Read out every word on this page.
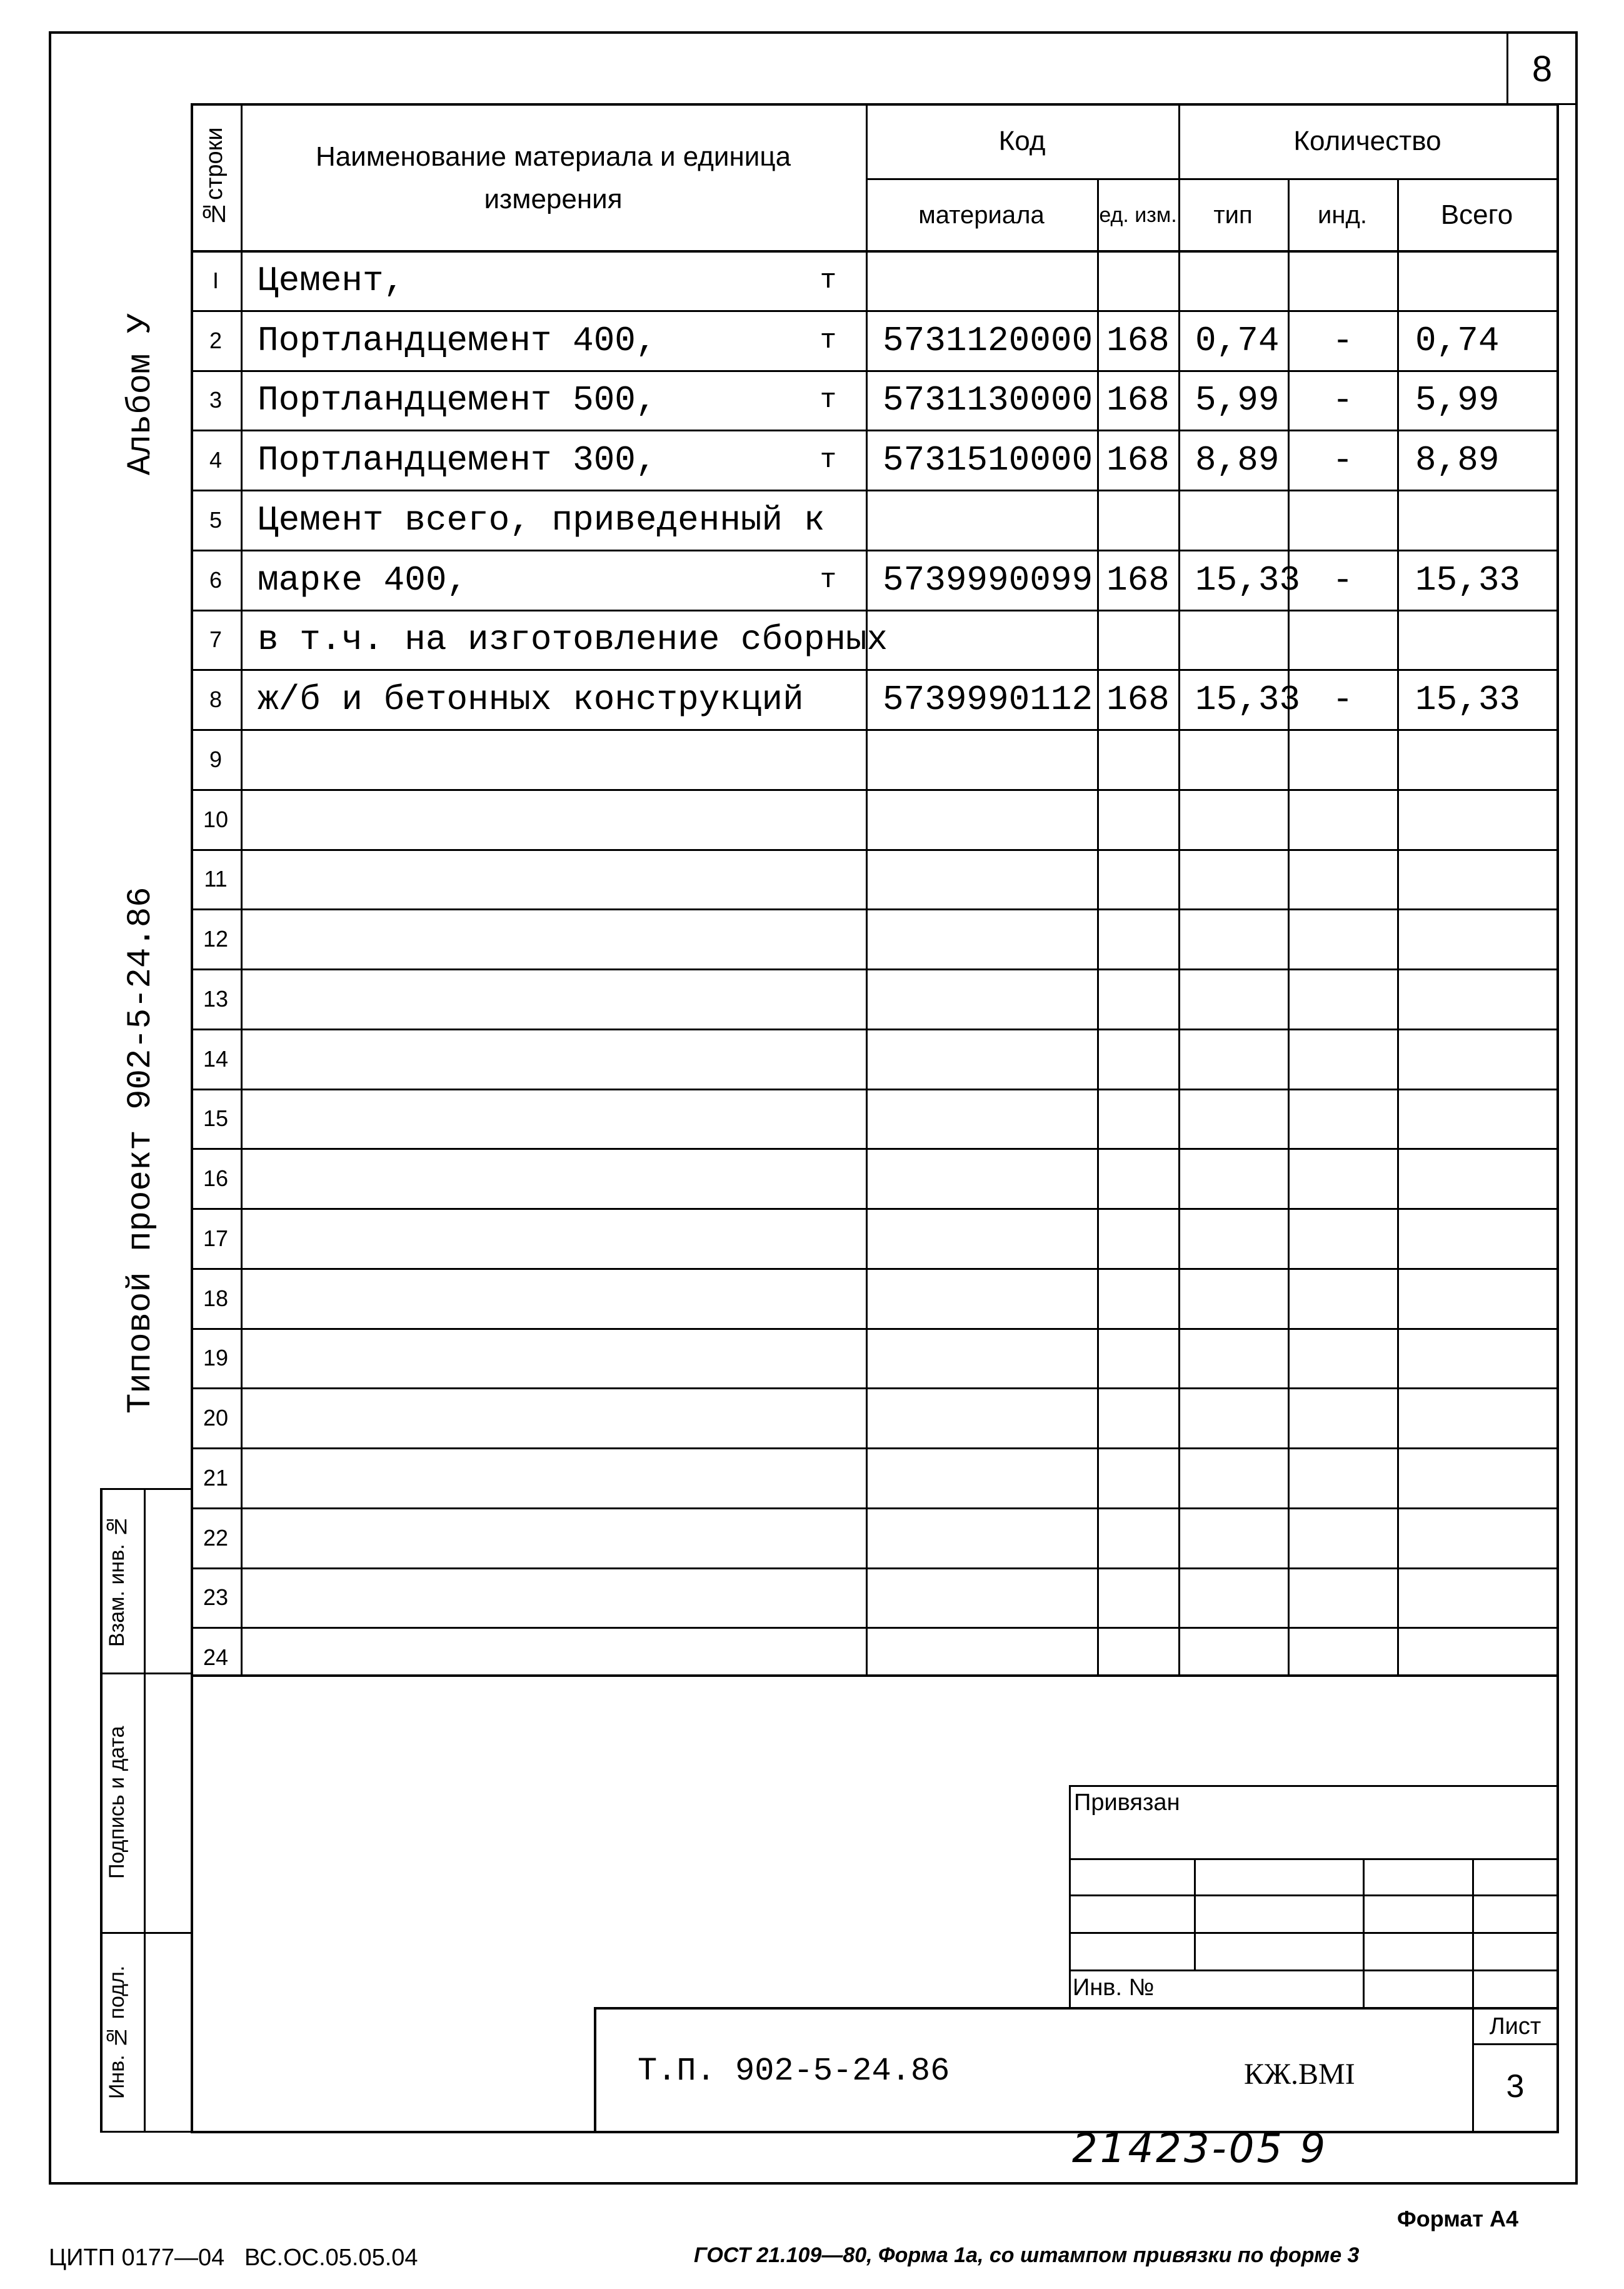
8
Альбом У
Типовой проект 902-5-24.86
Взам. инв. №
Подпись и дата
Инв. № подл.
№строки	Наименование материала и единица измерения
Код	Количество
материала	ед. изм.	тип	инд.	Всего
I	Цемент,	т
2	Портландцемент 400,	т	5731120000 168 0,74	-	0,74
3	Портландцемент 500,	т	5731130000 168 5,99	-	5,99
4	Портландцемент 300,	т	5731510000 168 8,89	-	8,89
5	Цемент всего, приведенный к
6	марке 400,	т	5739990099 168 15,33 -	15,33
7	в т.ч. на изготовление сборных
8	ж/б и бетонных конструкций	5739990112 168 15,33 -	15,33
9
10
11
12
13
14
15
16
17
18
19
20
21
22
23
24
Привязан
Инв. №
Т.П. 902-5-24.86	КЖ.ВМI
Лист
3
21423-05 9
Формат А4
ЦИТП 0177—04   ВС.ОС.05.05.04	ГОСТ 21.109—80, Форма 1а, со штампом привязки по форме 3
